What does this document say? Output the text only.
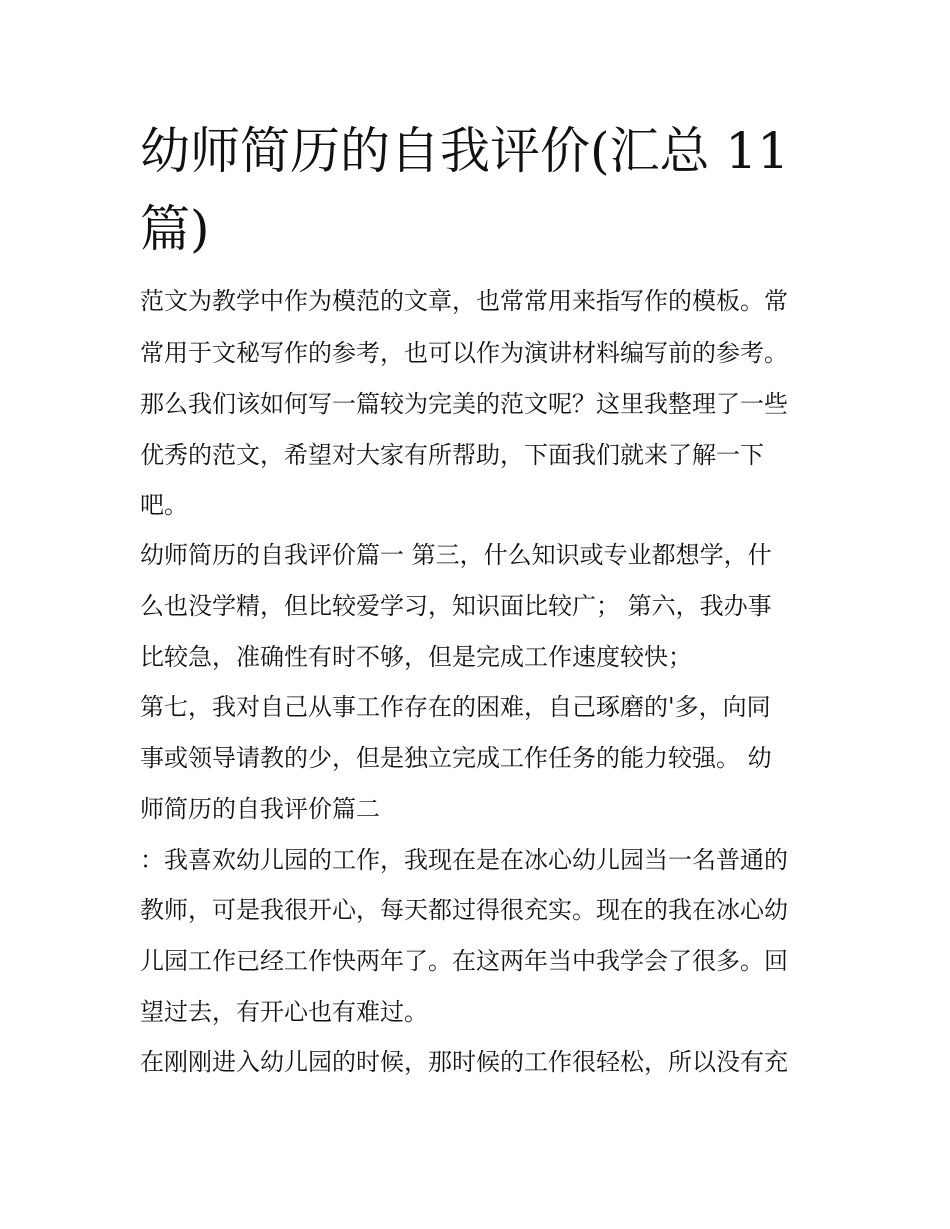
幼师简历的自我评价(汇总 11
篇)

范文为教学中作为模范的文章，也常常用来指写作的模板。常

常用于文秘写作的参考，也可以作为演讲材料编写前的参考。

那么我们该如何写一篇较为完美的范文呢？这里我整理了一些

优秀的范文，希望对大家有所帮助，下面我们就来了解一下

吧。

幼师简历的自我评价篇一 第三，什么知识或专业都想学，什

么也没学精，但比较爱学习，知识面比较广； 第六，我办事

比较急，准确性有时不够，但是完成工作速度较快；

第七，我对自己从事工作存在的困难，自己琢磨的'多，向同

事或领导请教的少，但是独立完成工作任务的能力较强。 幼

师简历的自我评价篇二

：我喜欢幼儿园的工作，我现在是在冰心幼儿园当一名普通的

教师，可是我很开心，每天都过得很充实。现在的我在冰心幼

儿园工作已经工作快两年了。在这两年当中我学会了很多。回

望过去，有开心也有难过。

在刚刚进入幼儿园的时候，那时候的工作很轻松，所以没有充
